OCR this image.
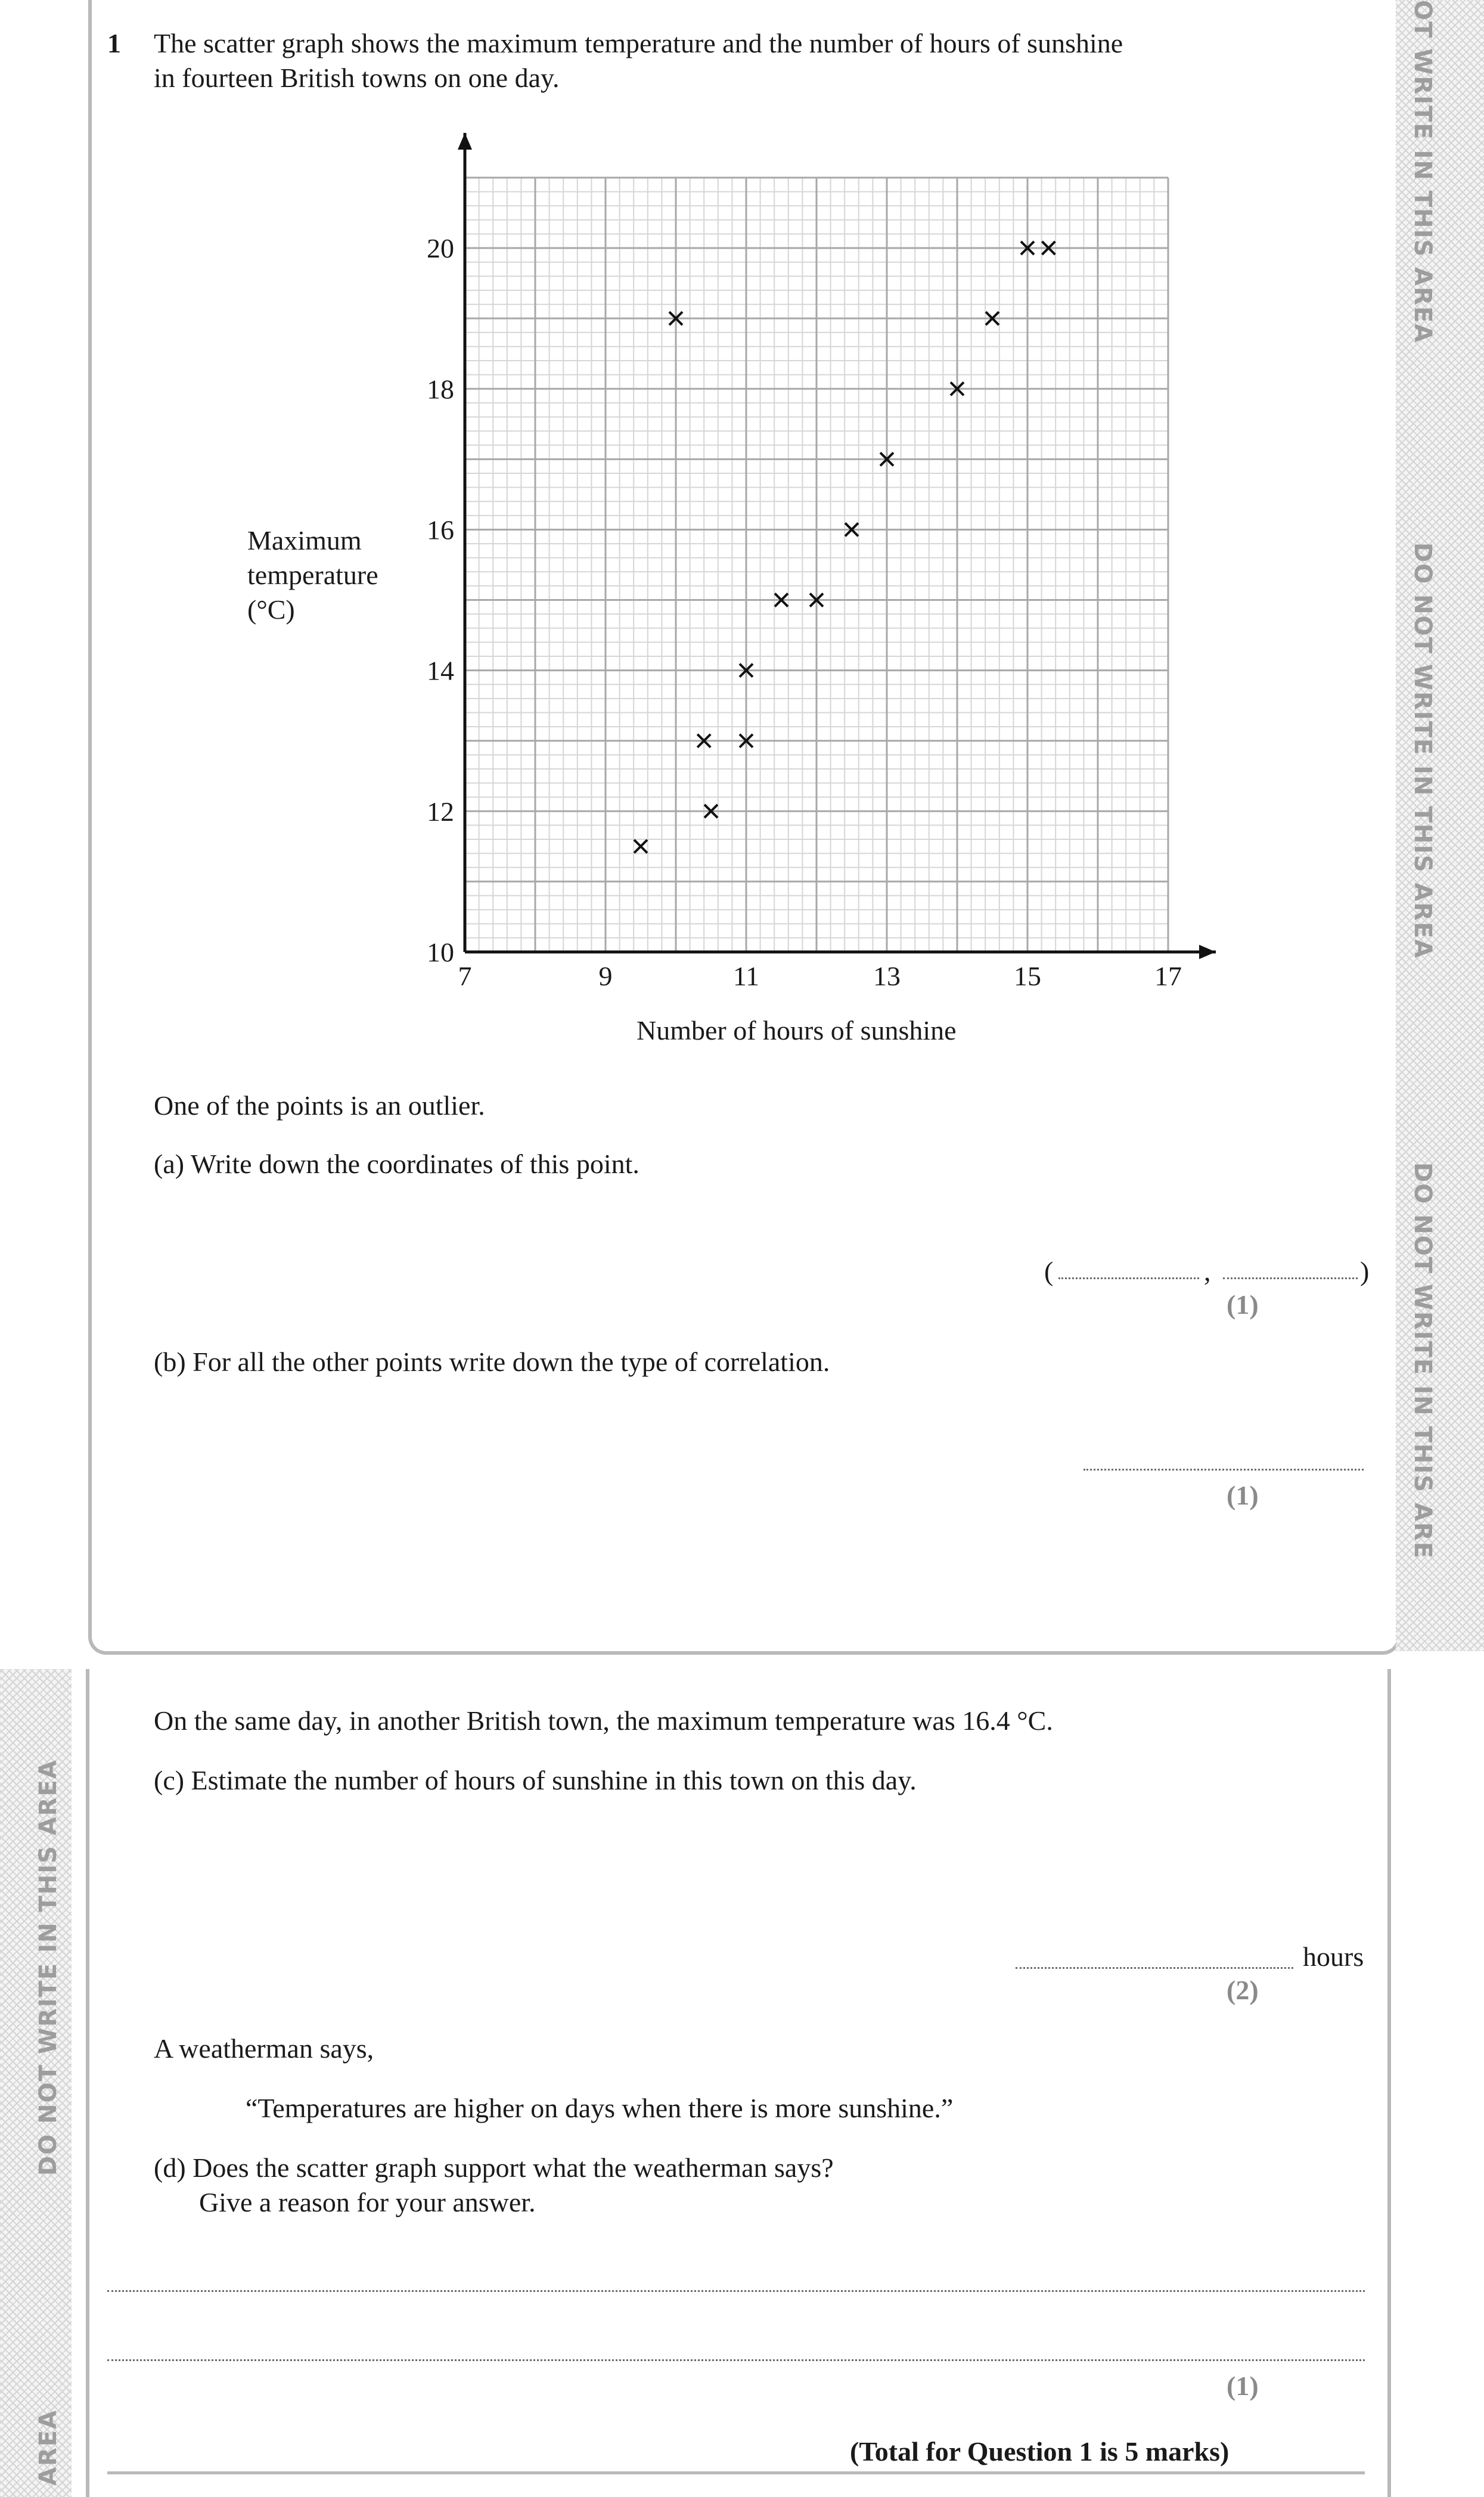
OT WRITE IN THIS AREA
DO NOT WRITE IN THIS AREA
DO NOT WRITE IN THIS ARE
DO NOT WRITE IN THIS AREA
AREA
1 The scatter graph shows the maximum temperature and the number of hours of sunshine
in fourteen British towns on one day.
7	9	11	13	15	17
10
12
14
16
18
20
Maximum
temperature
(°C)
Number of hours of sunshine
One of the points is an outlier.
(a) Write down the coordinates of this point.
(	,	)
(1)
(b) For all the other points write down the type of correlation.
(1)
On the same day, in another British town, the maximum temperature was 16.4 °C.
(c) Estimate the number of hours of sunshine in this town on this day.
hours
(2)
A weatherman says,
“Temperatures are higher on days when there is more sunshine.”
(d) Does the scatter graph support what the weatherman says?
Give a reason for your answer.
(1)
(Total for Question 1 is 5 marks)
